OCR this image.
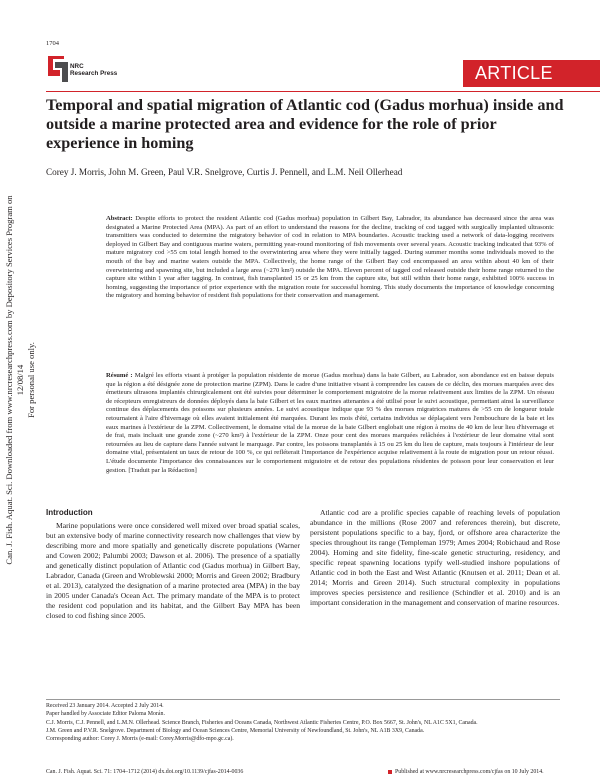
1704
NRC
Research Press	ARTICLE
Temporal and spatial migration of Atlantic cod (Gadus morhua) inside and outside a marine protected area and evidence for the role of prior experience in homing
Corey J. Morris, John M. Green, Paul V.R. Snelgrove, Curtis J. Pennell, and L.M. Neil Ollerhead

Abstract: Despite efforts to protect the resident Atlantic cod (Gadus morhua) population in Gilbert Bay, Labrador, its abundance has decreased since the area was designated a Marine Protected Area (MPA). As part of an effort to understand the reasons for the decline, tracking of cod tagged with surgically implanted ultrasonic transmitters was conducted to determine the migratory behavior of cod in relation to MPA boundaries. Acoustic tracking used a network of data-logging receivers deployed in Gilbert Bay and contiguous marine waters, permitting year-round monitoring of fish movements over several years. Acoustic tracking indicated that 93% of mature migratory cod >55 cm total length homed to the overwintering area where they were initially tagged. During summer months some individuals moved to the mouth of the bay and marine waters outside the MPA. Collectively, the home range of the Gilbert Bay cod encompassed an area within about 40 km of their overwintering and spawning site, but included a large area (~270 km²) outside the MPA. Eleven percent of tagged cod released outside their home range returned to the capture site within 1 year after tagging. In contrast, fish transplanted 15 or 25 km from the capture site, but still within their home range, exhibited 100% success in homing, suggesting the importance of prior experience with the migration route for successful homing. This study documents the importance of knowledge concerning the migratory and homing behavior of resident fish populations for their conservation and management.

Résumé : Malgré les efforts visant à protéger la population résidente de morue (Gadus morhua) dans la baie Gilbert, au Labrador, son abondance est en baisse depuis que la région a été désignée zone de protection marine (ZPM). Dans le cadre d'une initiative visant à comprendre les causes de ce déclin, des morues marquées avec des émetteurs ultrasons implantés chirurgicalement ont été suivies pour déterminer le comportement migratoire de la morue relativement aux limites de la ZPM. Un réseau de récepteurs enregistreurs de données déployés dans la baie Gilbert et les eaux marines attenantes a été utilisé pour le suivi acoustique, permettant ainsi la surveillance continue des déplacements des poissons sur plusieurs années. Le suivi acoustique indique que 93 % des morues migratrices matures de >55 cm de longueur totale retournaient à l'aire d'hivernage où elles avaient initialement été marquées. Durant les mois d'été, certains individus se déplaçaient vers l'embouchure de la baie et les eaux marines à l'extérieur de la ZPM. Collectivement, le domaine vital de la morue de la baie Gilbert englobait une région à moins de 40 km de leur lieu d'hivernage et de frai, mais incluait une grande zone (~270 km²) à l'extérieur de la ZPM. Onze pour cent des morues marquées relâchées à l'extérieur de leur domaine vital sont retournées au lieu de capture dans l'année suivant le marquage. Par contre, les poissons transplantés à 15 ou 25 km du lieu de capture, mais toujours à l'intérieur de leur domaine vital, présentaient un taux de retour de 100 %, ce qui refléterait l'importance de l'expérience acquise relativement à la route de migration pour un retour réussi. L'étude documente l'importance des connaissances sur le comportement migratoire et de retour des populations résidentes de poisson pour leur conservation et leur gestion. [Traduit par la Rédaction]

Introduction

Marine populations were once considered well mixed over broad spatial scales, but an extensive body of marine connectivity research now challenges that view by describing more and more spatially and genetically discrete populations (Warner and Cowen 2002; Palumbi 2003; Dawson et al. 2006). The presence of a spatially and genetically distinct population of Atlantic cod (Gadus morhua) in Gilbert Bay, Labrador, Canada (Green and Wroblewski 2000; Morris and Green 2002; Bradbury et al. 2013), catalyzed the designation of a marine protected area (MPA) in the bay in 2005 under Canada's Ocean Act. The primary mandate of the MPA is to protect the resident cod population and its habitat, and the Gilbert Bay MPA has been closed to cod fishing since 2005.

Atlantic cod are a prolific species capable of reaching levels of population abundance in the millions (Rose 2007 and references therein), but discrete, persistent populations specific to a bay, fjord, or offshore area characterize the species throughout its range (Templeman 1979; Ames 2004; Robichaud and Rose 2004). Homing and site fidelity, fine-scale genetic structuring, residency, and specific repeat spawning locations typify well-studied inshore populations of Atlantic cod in both the East and West Atlantic (Knutsen et al. 2011; Dean et al. 2014; Morris and Green 2014). Such structural complexity in populations improves species persistence and resilience (Schindler et al. 2010) and is an important consideration in the management and conservation of marine resources.

Received 23 January 2014. Accepted 2 July 2014.
Paper handled by Associate Editor Paloma Morán.
C.J. Morris, C.J. Pennell, and L.M.N. Ollerhead. Science Branch, Fisheries and Oceans Canada, Northwest Atlantic Fisheries Centre, P.O. Box 5667, St. John's, NL A1C 5X1, Canada.
J.M. Green and P.V.R. Snelgrove. Department of Biology and Ocean Sciences Centre, Memorial University of Newfoundland, St. John's, NL A1B 3X9, Canada.
Corresponding author: Corey J. Morris (e-mail: Corey.Morris@dfo-mpo.gc.ca).
Can. J. Fish. Aquat. Sci. 71: 1704–1712 (2014) dx.doi.org/10.1139/cjfas-2014-0036	Published at www.nrcresearchpress.com/cjfas on 10 July 2014.
Can. J. Fish. Aquat. Sci. Downloaded from www.nrcresearchpress.com by Depository Services Program on 12/08/14 For personal use only.
